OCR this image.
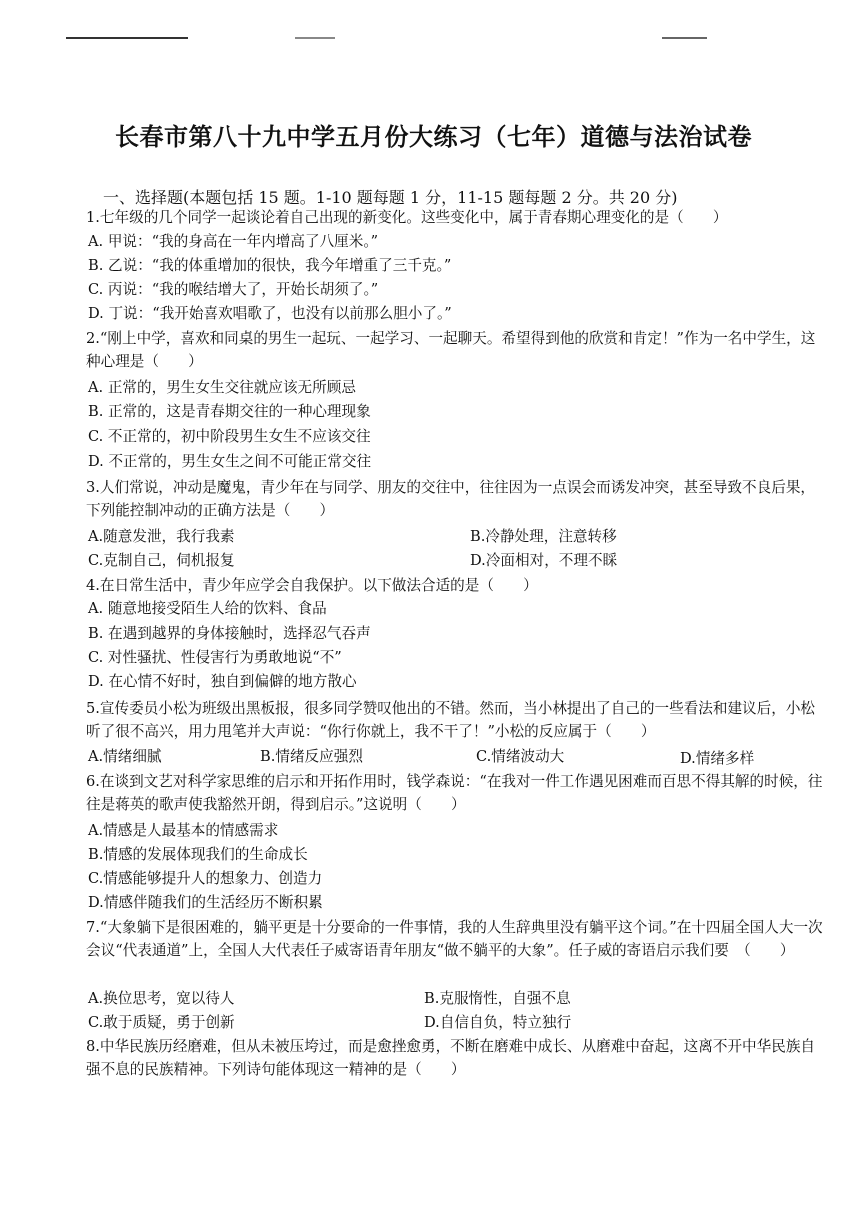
长春市第八十九中学五月份大练习（七年）道德与法治试卷
一、选择题(本题包括 15 题。1-10 题每题 1 分，11-15 题每题 2 分。共 20 分)
1.七年级的几个同学一起谈论着自己出现的新变化。这些变化中，属于青春期心理变化的是（　　）
A. 甲说：“我的身高在一年内增高了八厘米。”
B. 乙说：“我的体重增加的很快，我今年增重了三千克。”
C. 丙说：“我的喉结增大了，开始长胡须了。”
D. 丁说：“我开始喜欢唱歌了，也没有以前那么胆小了。”
2.“刚上中学，喜欢和同桌的男生一起玩、一起学习、一起聊天。希望得到他的欣赏和肯定！”作为一名中学生，这种心理是（　　）
A. 正常的，男生女生交往就应该无所顾忌
B. 正常的，这是青春期交往的一种心理现象
C. 不正常的，初中阶段男生女生不应该交往
D. 不正常的，男生女生之间不可能正常交往
3.人们常说，冲动是魔鬼，青少年在与同学、朋友的交往中，往往因为一点误会而诱发冲突，甚至导致不良后果，下列能控制冲动的正确方法是（　　）
A.随意发泄，我行我素	B.冷静处理，注意转移
C.克制自己，伺机报复	D.冷面相对，不理不睬
4.在日常生活中，青少年应学会自我保护。以下做法合适的是（　　）
A. 随意地接受陌生人给的饮料、食品
B. 在遇到越界的身体接触时，选择忍气吞声
C. 对性骚扰、性侵害行为勇敢地说“不”
D. 在心情不好时，独自到偏僻的地方散心
5.宣传委员小松为班级出黑板报，很多同学赞叹他出的不错。然而，当小林提出了自己的一些看法和建议后，小松听了很不高兴，用力甩笔并大声说：“你行你就上，我不干了！”小松的反应属于（　　）
A.情绪细腻	B.情绪反应强烈	C.情绪波动大	D.情绪多样
6.在谈到文艺对科学家思维的启示和开拓作用时，钱学森说：“在我对一件工作遇见困难而百思不得其解的时候，往往是蒋英的歌声使我豁然开朗，得到启示。”这说明（　　）
A.情感是人最基本的情感需求
B.情感的发展体现我们的生命成长
C.情感能够提升人的想象力、创造力
D.情感伴随我们的生活经历不断积累
7.“大象躺下是很困难的，躺平更是十分要命的一件事情，我的人生辞典里没有躺平这个词。”在十四届全国人大一次会议“代表通道”上，全国人大代表任子威寄语青年朋友“做不躺平的大象”。任子威的寄语启示我们要　（　　）
A.换位思考，宽以待人	B.克服惰性，自强不息
C.敢于质疑，勇于创新	D.自信自负，特立独行
8.中华民族历经磨难，但从未被压垮过，而是愈挫愈勇，不断在磨难中成长、从磨难中奋起，这离不开中华民族自强不息的民族精神。下列诗句能体现这一精神的是（　　）
